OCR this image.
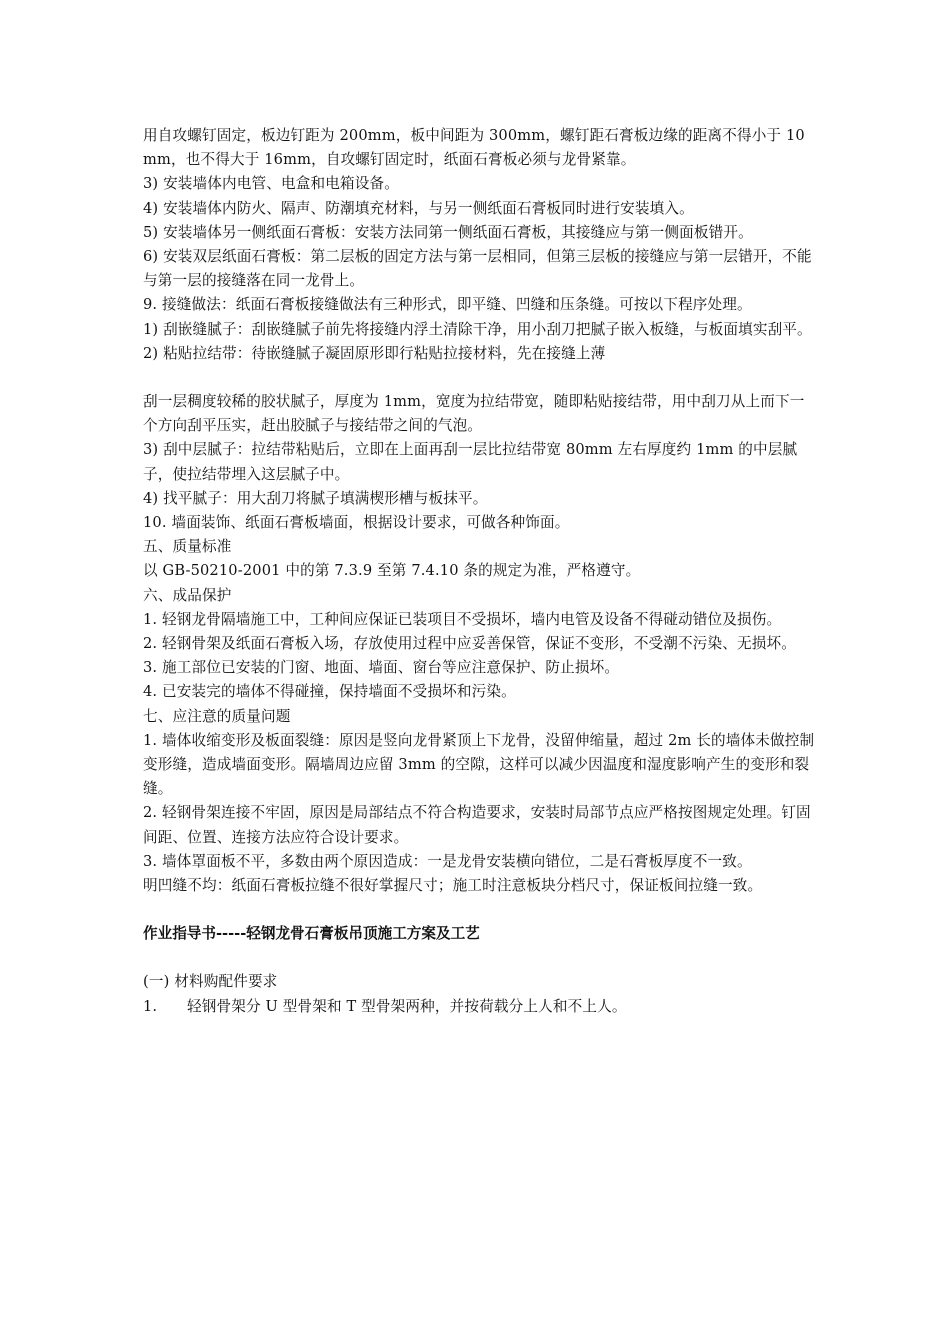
用自攻螺钉固定，板边钉距为 200mm，板中间距为 300mm，螺钉距石膏板边缘的距离不得小于 10mm，也不得大于 16mm，自攻螺钉固定时，纸面石膏板必须与龙骨紧靠。

3) 安装墙体内电管、电盒和电箱设备。

4) 安装墙体内防火、隔声、防潮填充材料，与另一侧纸面石膏板同时进行安装填入。

5) 安装墙体另一侧纸面石膏板：安装方法同第一侧纸面石膏板，其接缝应与第一侧面板错开。

6) 安装双层纸面石膏板：第二层板的固定方法与第一层相同，但第三层板的接缝应与第一层错开，不能与第一层的接缝落在同一龙骨上。

9. 接缝做法：纸面石膏板接缝做法有三种形式，即平缝、凹缝和压条缝。可按以下程序处理。

1) 刮嵌缝腻子：刮嵌缝腻子前先将接缝内浮土清除干净，用小刮刀把腻子嵌入板缝，与板面填实刮平。

2) 粘贴拉结带：待嵌缝腻子凝固原形即行粘贴拉接材料，先在接缝上薄

刮一层稠度较稀的胶状腻子，厚度为 1mm，宽度为拉结带宽，随即粘贴接结带，用中刮刀从上而下一个方向刮平压实，赶出胶腻子与接结带之间的气泡。

3) 刮中层腻子：拉结带粘贴后，立即在上面再刮一层比拉结带宽 80mm 左右厚度约 1mm 的中层腻子，使拉结带埋入这层腻子中。

4) 找平腻子：用大刮刀将腻子填满楔形槽与板抹平。

10. 墙面装饰、纸面石膏板墙面，根据设计要求，可做各种饰面。

五、质量标准

以 GB-50210-2001 中的第 7.3.9 至第 7.4.10 条的规定为准，严格遵守。

六、成品保护

1. 轻钢龙骨隔墙施工中，工种间应保证已装项目不受损坏，墙内电管及设备不得碰动错位及损伤。

2. 轻钢骨架及纸面石膏板入场，存放使用过程中应妥善保管，保证不变形，不受潮不污染、无损坏。

3. 施工部位已安装的门窗、地面、墙面、窗台等应注意保护、防止损坏。

4. 已安装完的墙体不得碰撞，保持墙面不受损坏和污染。

七、应注意的质量问题

1. 墙体收缩变形及板面裂缝：原因是竖向龙骨紧顶上下龙骨，没留伸缩量，超过 2m 长的墙体未做控制变形缝，造成墙面变形。隔墙周边应留 3mm 的空隙，这样可以减少因温度和湿度影响产生的变形和裂缝。

2. 轻钢骨架连接不牢固，原因是局部结点不符合构造要求，安装时局部节点应严格按图规定处理。钉固间距、位置、连接方法应符合设计要求。

3. 墙体罩面板不平，多数由两个原因造成：一是龙骨安装横向错位，二是石膏板厚度不一致。

明凹缝不均：纸面石膏板拉缝不很好掌握尺寸；施工时注意板块分档尺寸，保证板间拉缝一致。

作业指导书-----轻钢龙骨石膏板吊顶施工方案及工艺

(一) 材料购配件要求

1.	轻钢骨架分 U 型骨架和 T 型骨架两种，并按荷载分上人和不上人。
